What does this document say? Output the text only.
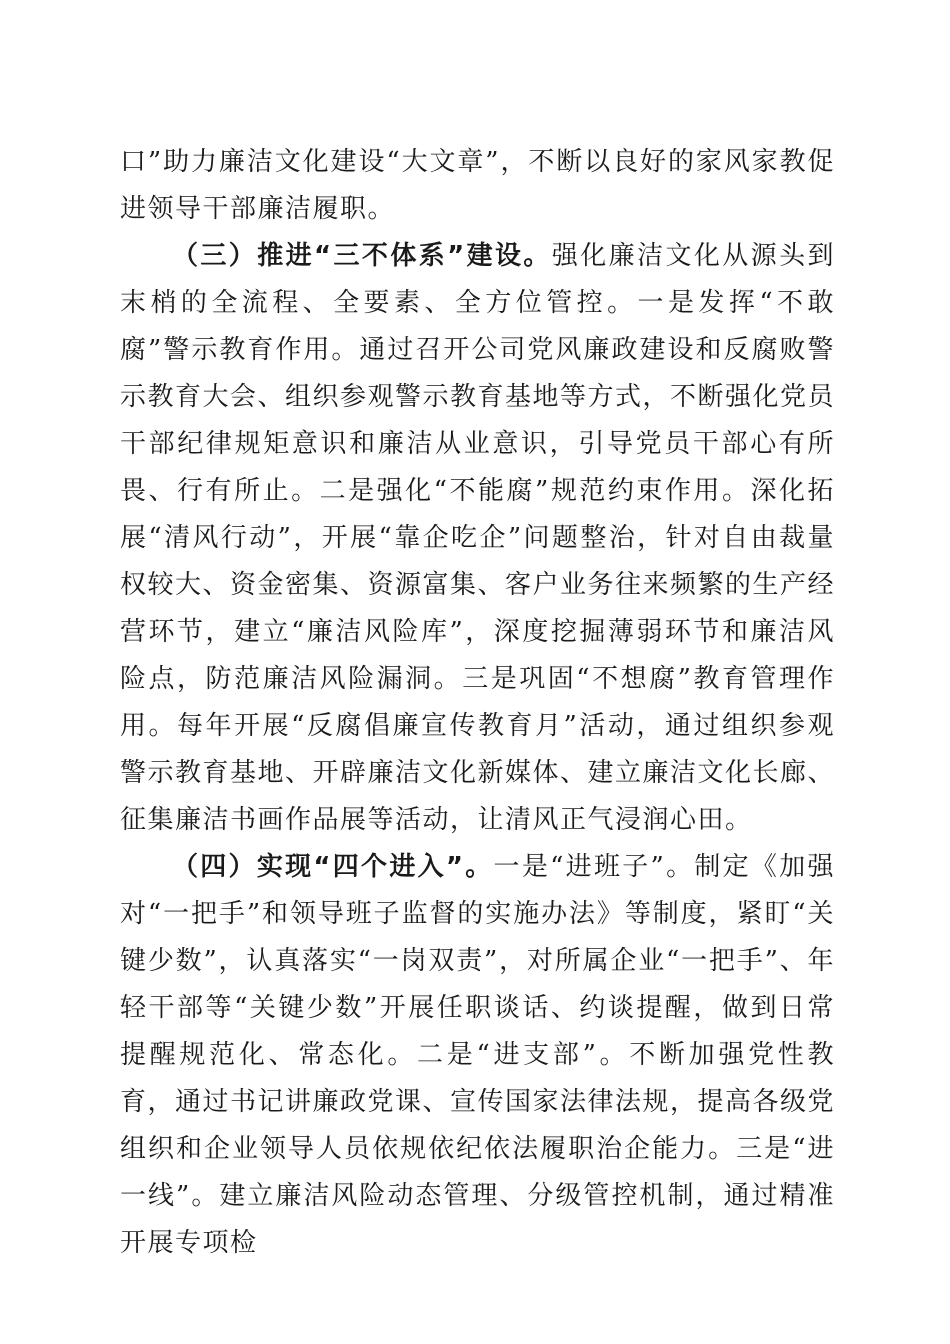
口”助力廉洁文化建设“大文章”，不断以良好的家风家教促进领导干部廉洁履职。

（三）推进“三不体系”建设。强化廉洁文化从源头到末梢的全流程、全要素、全方位管控。一是发挥“不敢腐”警示教育作用。通过召开公司党风廉政建设和反腐败警示教育大会、组织参观警示教育基地等方式，不断强化党员干部纪律规矩意识和廉洁从业意识，引导党员干部心有所畏、行有所止。二是强化“不能腐”规范约束作用。深化拓展“清风行动”，开展“靠企吃企”问题整治，针对自由裁量权较大、资金密集、资源富集、客户业务往来频繁的生产经营环节，建立“廉洁风险库”，深度挖掘薄弱环节和廉洁风险点，防范廉洁风险漏洞。三是巩固“不想腐”教育管理作用。每年开展“反腐倡廉宣传教育月”活动，通过组织参观警示教育基地、开辟廉洁文化新媒体、建立廉洁文化长廊、征集廉洁书画作品展等活动，让清风正气浸润心田。

（四）实现“四个进入”。一是“进班子”。制定《加强对“一把手”和领导班子监督的实施办法》等制度，紧盯“关键少数”，认真落实“一岗双责”，对所属企业“一把手”、年轻干部等“关键少数”开展任职谈话、约谈提醒，做到日常提醒规范化、常态化。二是“进支部”。不断加强党性教育，通过书记讲廉政党课、宣传国家法律法规，提高各级党组织和企业领导人员依规依纪依法履职治企能力。三是“进一线”。建立廉洁风险动态管理、分级管控机制，通过精准开展专项检
